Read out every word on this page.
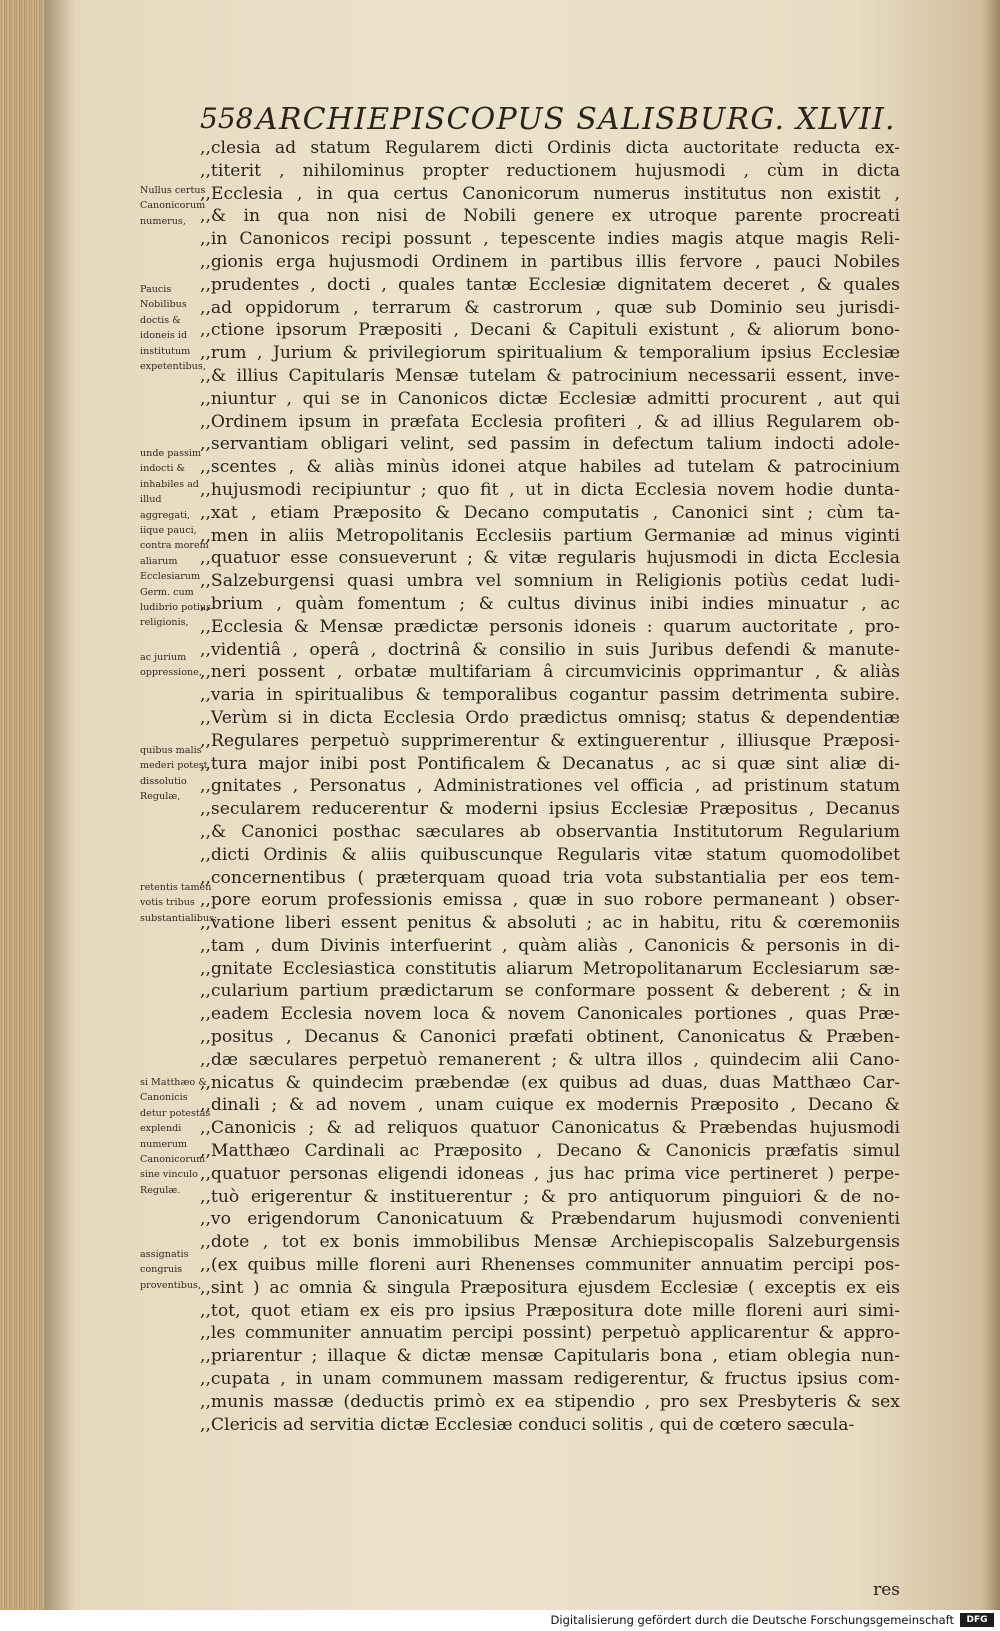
558 ARCHIEPISCOPUS SALISBURG. XLVII.
Nullus certus Canonicorum numerus,
Paucis Nobilibus doctis & idoneis id institutum expetentibus,
unde passim indocti & inhabiles ad illud aggregati, iique pauci, contra morem aliarum Ecclesiarum Germ. cum ludibrio potius religionis,
ac jurium oppressione,
quibus malis mederi potest dissolutio Regulæ,
retentis tamen votis tribus substantialibus;
si Matthæo & Canonicis detur potestas explendi numerum Canonicorum sine vinculo Regulæ.
assignatis congruis proventibus,
,,clesia ad statum Regularem dicti Ordinis dicta auctoritate reducta ex-
,,titerit , nihilominus propter reductionem hujusmodi , cùm in dicta
,,Ecclesia , in qua certus Canonicorum numerus institutus non existit ,
,,& in qua non nisi de Nobili genere ex utroque parente procreati
,,in Canonicos recipi possunt , tepescente indies magis atque magis Reli-
,,gionis erga hujusmodi Ordinem in partibus illis fervore , pauci Nobiles
,,prudentes , docti , quales tantæ Ecclesiæ dignitatem deceret , & quales
,,ad oppidorum , terrarum & castrorum , quæ sub Dominio seu jurisdi-
,,ctione ipsorum Præpositi , Decani & Capituli existunt , & aliorum bono-
,,rum , Jurium & privilegiorum spiritualium & temporalium ipsius Ecclesiæ
,,& illius Capitularis Mensæ tutelam & patrocinium necessarii essent, inve-
,,niuntur , qui se in Canonicos dictæ Ecclesiæ admitti procurent , aut qui
,,Ordinem ipsum in præfata Ecclesia profiteri , & ad illius Regularem ob-
,,servantiam obligari velint, sed passim in defectum talium indocti adole-
,,scentes , & aliàs minùs idonei atque habiles ad tutelam & patrocinium
,,hujusmodi recipiuntur ; quo fit , ut in dicta Ecclesia novem hodie dunta-
,,xat , etiam Præposito & Decano computatis , Canonici sint ; cùm ta-
,,men in aliis Metropolitanis Ecclesiis partium Germaniæ ad minus viginti
,,quatuor esse consueverunt ; & vitæ regularis hujusmodi in dicta Ecclesia
,,Salzeburgensi quasi umbra vel somnium in Religionis potiùs cedat ludi-
,,brium , quàm fomentum ; & cultus divinus inibi indies minuatur , ac
,,Ecclesia & Mensæ prædictæ personis idoneis : quarum auctoritate , pro-
,,videntiâ , operâ , doctrinâ & consilio in suis Juribus defendi & manute-
,,neri possent , orbatæ multifariam â circumvicinis opprimantur , & aliàs
,,varia in spiritualibus & temporalibus cogantur passim detrimenta subire.
,,Verùm si in dicta Ecclesia Ordo prædictus omnisq; status & dependentiæ
,,Regulares perpetuò supprimerentur & extinguerentur , illiusque Præposi-
,,tura major inibi post Pontificalem & Decanatus , ac si quæ sint aliæ di-
,,gnitates , Personatus , Administrationes vel officia , ad pristinum statum
,,secularem reducerentur & moderni ipsius Ecclesiæ Præpositus , Decanus
,,& Canonici posthac sæculares ab observantia Institutorum Regularium
,,dicti Ordinis & aliis quibuscunque Regularis vitæ statum quomodolibet
,,concernentibus ( præterquam quoad tria vota substantialia per eos tem-
,,pore eorum professionis emissa , quæ in suo robore permaneant ) obser-
,,vatione liberi essent penitus & absoluti ; ac in habitu, ritu & cœremoniis
,,tam , dum Divinis interfuerint , quàm aliàs , Canonicis & personis in di-
,,gnitate Ecclesiastica constitutis aliarum Metropolitanarum Ecclesiarum sæ-
,,cularium partium prædictarum se conformare possent & deberent ; & in
,,eadem Ecclesia novem loca & novem Canonicales portiones , quas Præ-
,,positus , Decanus & Canonici præfati obtinent, Canonicatus & Præben-
,,dæ sæculares perpetuò remanerent ; & ultra illos , quindecim alii Cano-
,,nicatus & quindecim præbendæ (ex quibus ad duas, duas Matthæo Car-
,,dinali ; & ad novem , unam cuique ex modernis Præposito , Decano &
,,Canonicis ; & ad reliquos quatuor Canonicatus & Præbendas hujusmodi
,,Matthæo Cardinali ac Præposito , Decano & Canonicis præfatis simul
,,quatuor personas eligendi idoneas , jus hac prima vice pertineret ) perpe-
,,tuò erigerentur & instituerentur ; & pro antiquorum pinguiori & de no-
,,vo erigendorum Canonicatuum & Præbendarum hujusmodi convenienti
,,dote , tot ex bonis immobilibus Mensæ Archiepiscopalis Salzeburgensis
,,(ex quibus mille floreni auri Rhenenses communiter annuatim percipi pos-
,,sint ) ac omnia & singula Præpositura ejusdem Ecclesiæ ( exceptis ex eis
,,tot, quot etiam ex eis pro ipsius Præpositura dote mille floreni auri simi-
,,les communiter annuatim percipi possint) perpetuò applicarentur & appro-
,,priarentur ; illaque & dictæ mensæ Capitularis bona , etiam oblegia nun-
,,cupata , in unam communem massam redigerentur, & fructus ipsius com-
,,munis massæ (deductis primò ex ea stipendio , pro sex Presbyteris & sex
,,Clericis ad servitia dictæ Ecclesiæ conduci solitis , qui de cœtero sæcula-
res
Digitalisierung gefördert durch die Deutsche Forschungsgemeinschaft	DFG
